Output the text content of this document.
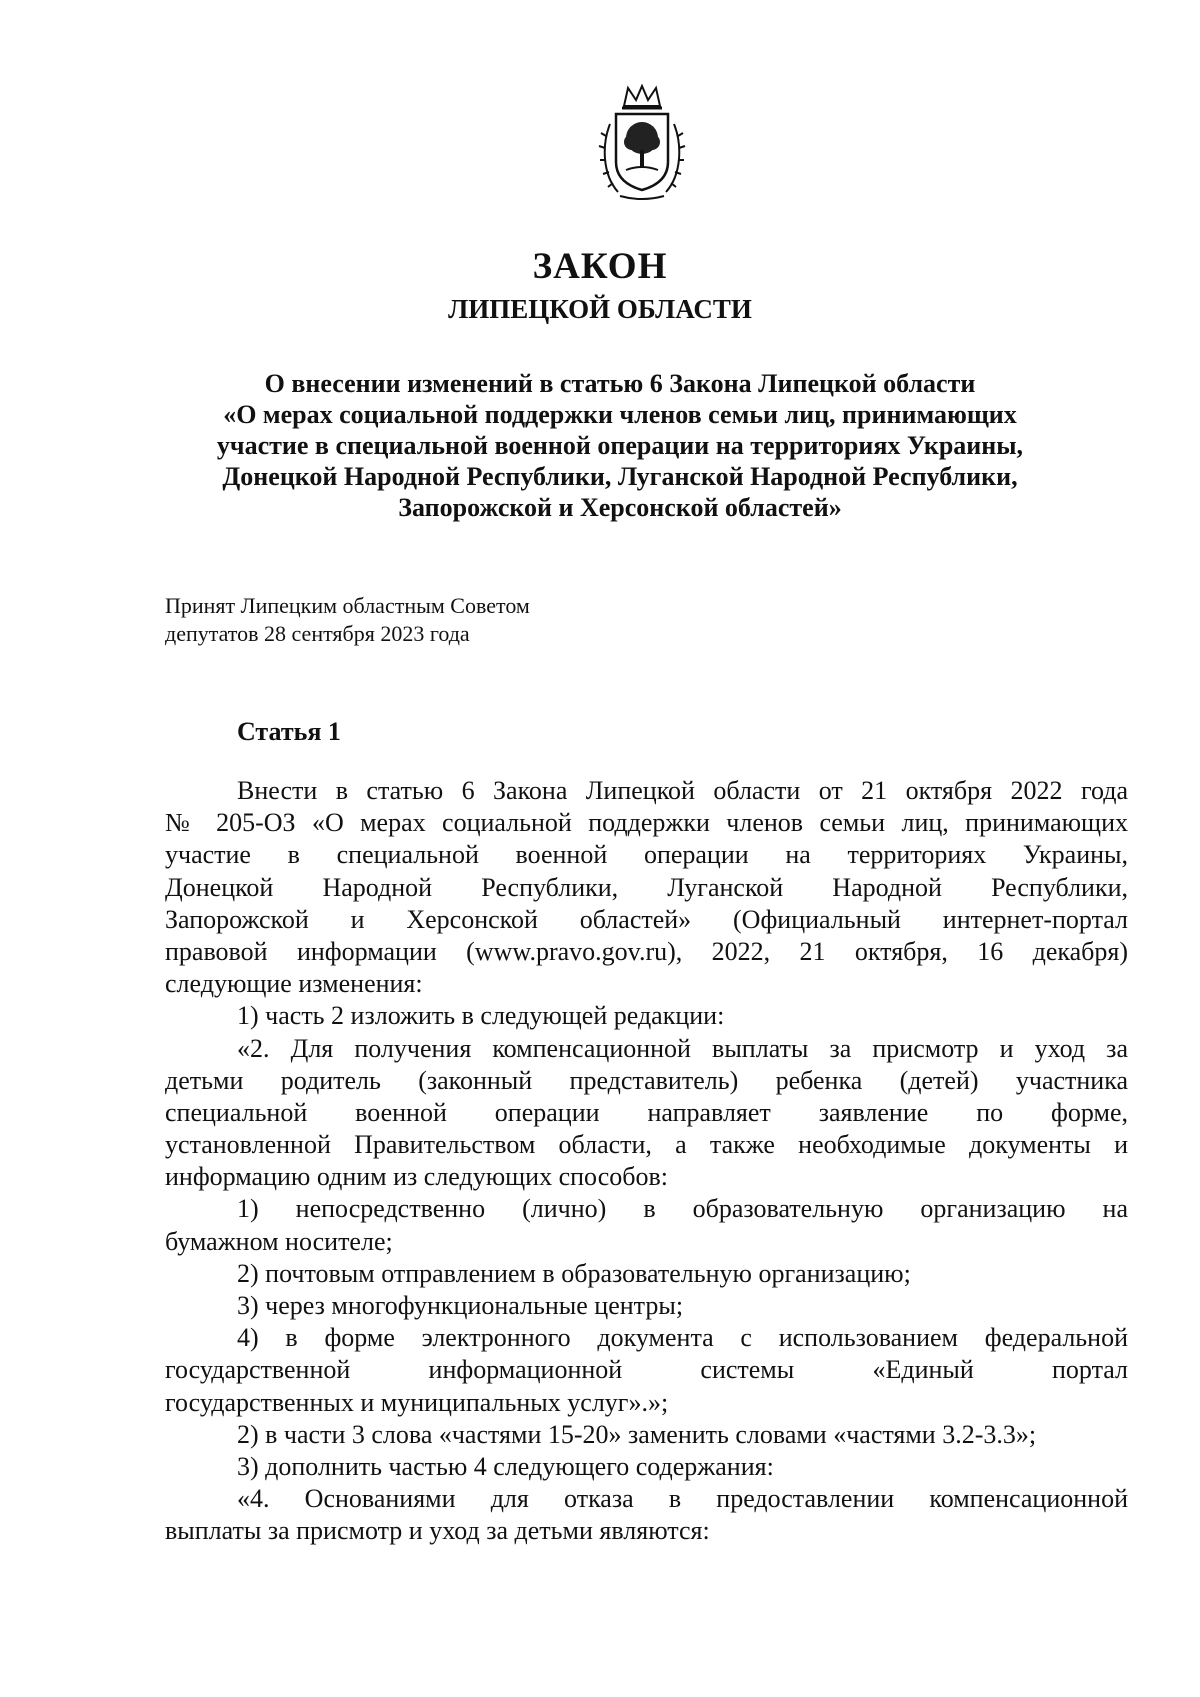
ЗАКОН
ЛИПЕЦКОЙ ОБЛАСТИ
О внесении изменений в статью 6 Закона Липецкой области
«О мерах социальной поддержки членов семьи лиц, принимающих
участие в специальной военной операции на территориях Украины,
Донецкой Народной Республики, Луганской Народной Республики,
Запорожской и Херсонской областей»
Принят Липецким областным Советом
депутатов 28 сентября 2023 года
Статья 1
Внести в статью 6 Закона Липецкой области от 21 октября 2022 года
№ 205-ОЗ «О мерах социальной поддержки членов семьи лиц, принимающих
участие в специальной военной операции на территориях Украины,
Донецкой Народной Республики, Луганской Народной Республики,
Запорожской и Херсонской областей» (Официальный интернет-портал
правовой информации (www.pravo.gov.ru), 2022, 21 октября, 16 декабря)
следующие изменения:
1) часть 2 изложить в следующей редакции:
«2. Для получения компенсационной выплаты за присмотр и уход за
детьми родитель (законный представитель) ребенка (детей) участника
специальной военной операции направляет заявление по форме,
установленной Правительством области, а также необходимые документы и
информацию одним из следующих способов:
1) непосредственно (лично) в образовательную организацию на
бумажном носителе;
2) почтовым отправлением в образовательную организацию;
3) через многофункциональные центры;
4) в форме электронного документа с использованием федеральной
государственной информационной системы «Единый портал
государственных и муниципальных услуг».»;
2) в части 3 слова «частями 15-20» заменить словами «частями 3.2-3.3»;
3) дополнить частью 4 следующего содержания:
«4. Основаниями для отказа в предоставлении компенсационной
выплаты за присмотр и уход за детьми являются:
